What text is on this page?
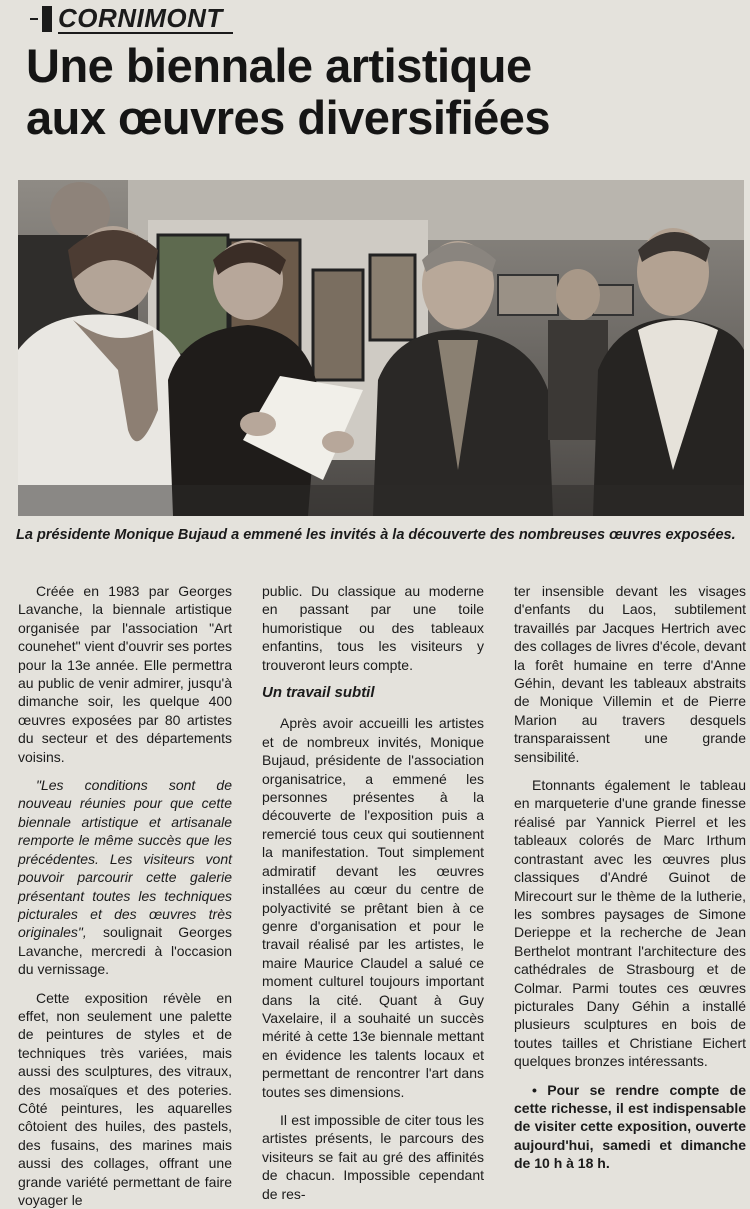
CORNIMONT
Une biennale artistique
aux œuvres diversifiées
La présidente Monique Bujaud a emmené les invités à la découverte des nombreuses œuvres exposées.

Créée en 1983 par Georges Lavanche, la biennale artistique organisée par l'association "Art counehet" vient d'ouvrir ses portes pour la 13e année. Elle permettra au public de venir admirer, jusqu'à dimanche soir, les quelque 400 œuvres exposées par 80 artistes du secteur et des départements voisins.

"Les conditions sont de nouveau réunies pour que cette biennale artistique et artisanale remporte le même succès que les précédentes. Les visiteurs vont pouvoir parcourir cette galerie présentant toutes les techniques picturales et des œuvres très originales", soulignait Georges Lavanche, mercredi à l'occasion du vernissage.

Cette exposition révèle en effet, non seulement une palette de peintures de styles et de techniques très variées, mais aussi des sculptures, des vitraux, des mosaïques et des poteries. Côté peintures, les aquarelles côtoient des huiles, des pastels, des fusains, des marines mais aussi des collages, offrant une grande variété permettant de faire voyager le

public. Du classique au moderne en passant par une toile humoristique ou des tableaux enfantins, tous les visiteurs y trouveront leurs compte.

Un travail subtil

Après avoir accueilli les artistes et de nombreux invités, Monique Bujaud, présidente de l'association organisatrice, a emmené les personnes présentes à la découverte de l'exposition puis a remercié tous ceux qui soutiennent la manifestation. Tout simplement admiratif devant les œuvres installées au cœur du centre de polyactivité se prêtant bien à ce genre d'organisation et pour le travail réalisé par les artistes, le maire Maurice Claudel a salué ce moment culturel toujours important dans la cité. Quant à Guy Vaxelaire, il a souhaité un succès mérité à cette 13e biennale mettant en évidence les talents locaux et permettant de rencontrer l'art dans toutes ses dimensions.

Il est impossible de citer tous les artistes présents, le parcours des visiteurs se fait au gré des affinités de chacun. Impossible cependant de res-

ter insensible devant les visages d'enfants du Laos, subtilement travaillés par Jacques Hertrich avec des collages de livres d'école, devant la forêt humaine en terre d'Anne Géhin, devant les tableaux abstraits de Monique Villemin et de Pierre Marion au travers desquels transparaissent une grande sensibilité.

Etonnants également le tableau en marqueterie d'une grande finesse réalisé par Yannick Pierrel et les tableaux colorés de Marc Irthum contrastant avec les œuvres plus classiques d'André Guinot de Mirecourt sur le thème de la lutherie, les sombres paysages de Simone Derieppe et la recherche de Jean Berthelot montrant l'architecture des cathédrales de Strasbourg et de Colmar. Parmi toutes ces œuvres picturales Dany Géhin a installé plusieurs sculptures en bois de toutes tailles et Christiane Eichert quelques bronzes intéressants.

• Pour se rendre compte de cette richesse, il est indispensable de visiter cette exposition, ouverte aujourd'hui, samedi et dimanche de 10 h à 18 h.
